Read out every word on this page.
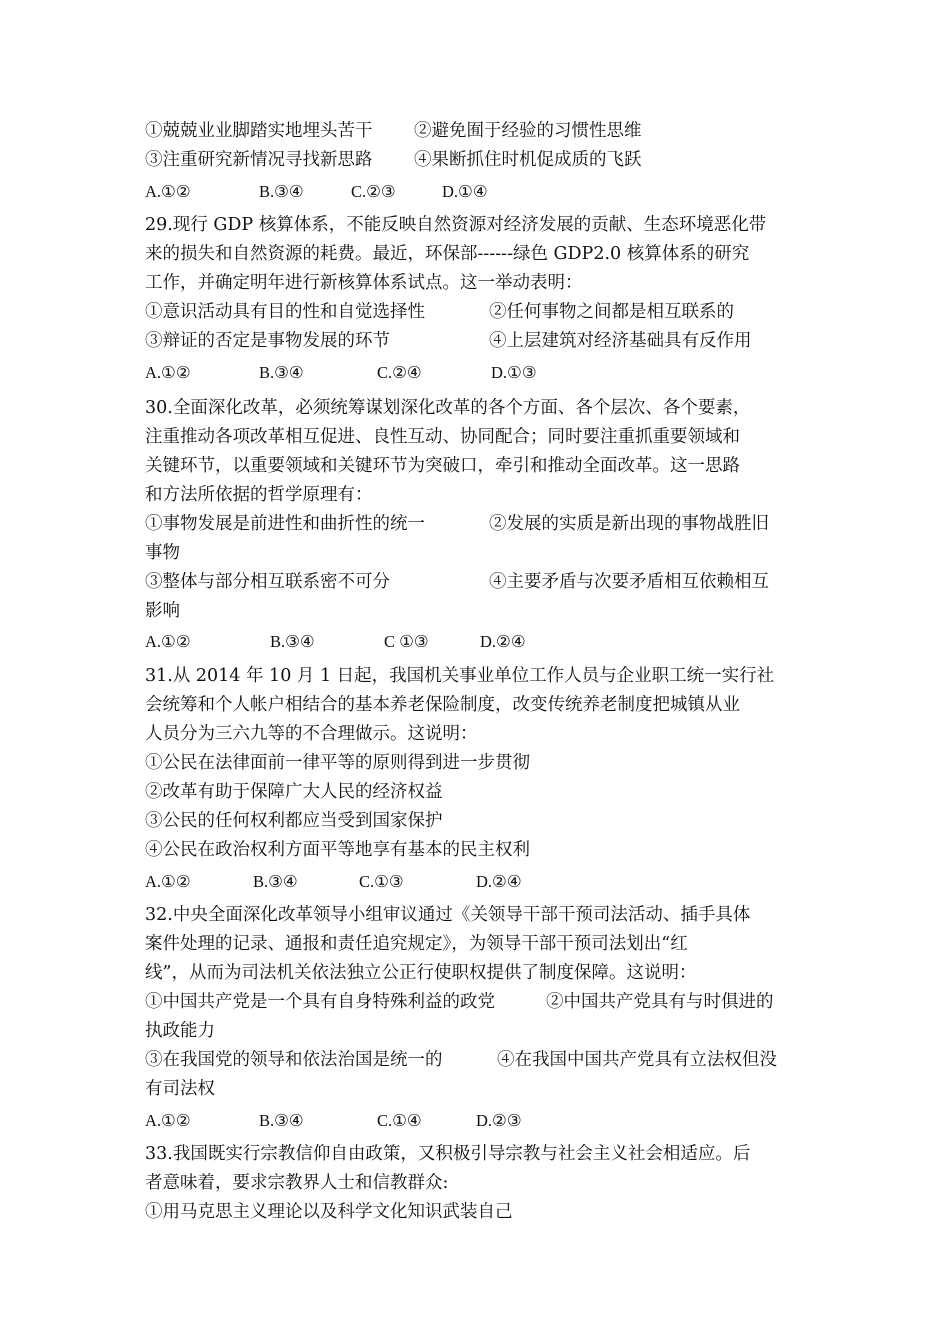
①兢兢业业脚踏实地埋头苦干 ②避免囿于经验的习惯性思维
③注重研究新情况寻找新思路 ④果断抓住时机促成质的飞跃
A.①②	B.③④	C.②③	D.①④
29.现行 GDP 核算体系，不能反映自然资源对经济发展的贡献、生态环境恶化带
来的损失和自然资源的耗费。最近，环保部------绿色 GDP2.0 核算体系的研究
工作，并确定明年进行新核算体系试点。这一举动表明：
①意识活动具有目的性和自觉选择性	②任何事物之间都是相互联系的
③辩证的否定是事物发展的环节	④上层建筑对经济基础具有反作用
A.①②	B.③④	C.②④	D.①③
30.全面深化改革，必须统筹谋划深化改革的各个方面、各个层次、各个要素，
注重推动各项改革相互促进、良性互动、协同配合；同时要注重抓重要领域和
关键环节，以重要领域和关键环节为突破口，牵引和推动全面改革。这一思路
和方法所依据的哲学原理有：
①事物发展是前进性和曲折性的统一	②发展的实质是新出现的事物战胜旧
事物
③整体与部分相互联系密不可分	④主要矛盾与次要矛盾相互依赖相互
影响
A.①②	B.③④	C ①③	D.②④
31.从 2014 年 10 月 1 日起，我国机关事业单位工作人员与企业职工统一实行社
会统筹和个人帐户相结合的基本养老保险制度，改变传统养老制度把城镇从业
人员分为三六九等的不合理做示。这说明：
①公民在法律面前一律平等的原则得到进一步贯彻
②改革有助于保障广大人民的经济权益
③公民的任何权利都应当受到国家保护
④公民在政治权利方面平等地享有基本的民主权利
A.①②	B.③④	C.①③	D.②④
32.中央全面深化改革领导小组审议通过《关领导干部干预司法活动、插手具体
案件处理的记录、通报和责任追究规定》，为领导干部干预司法划出“红
线”，从而为司法机关依法独立公正行使职权提供了制度保障。这说明：
①中国共产党是一个具有自身特殊利益的政党	②中国共产党具有与时俱进的
执政能力
③在我国党的领导和依法治国是统一的	④在我国中国共产党具有立法权但没
有司法权
A.①②	B.③④	C.①④	D.②③
33.我国既实行宗教信仰自由政策，又积极引导宗教与社会主义社会相适应。后
者意味着，要求宗教界人士和信教群众:
①用马克思主义理论以及科学文化知识武装自己
